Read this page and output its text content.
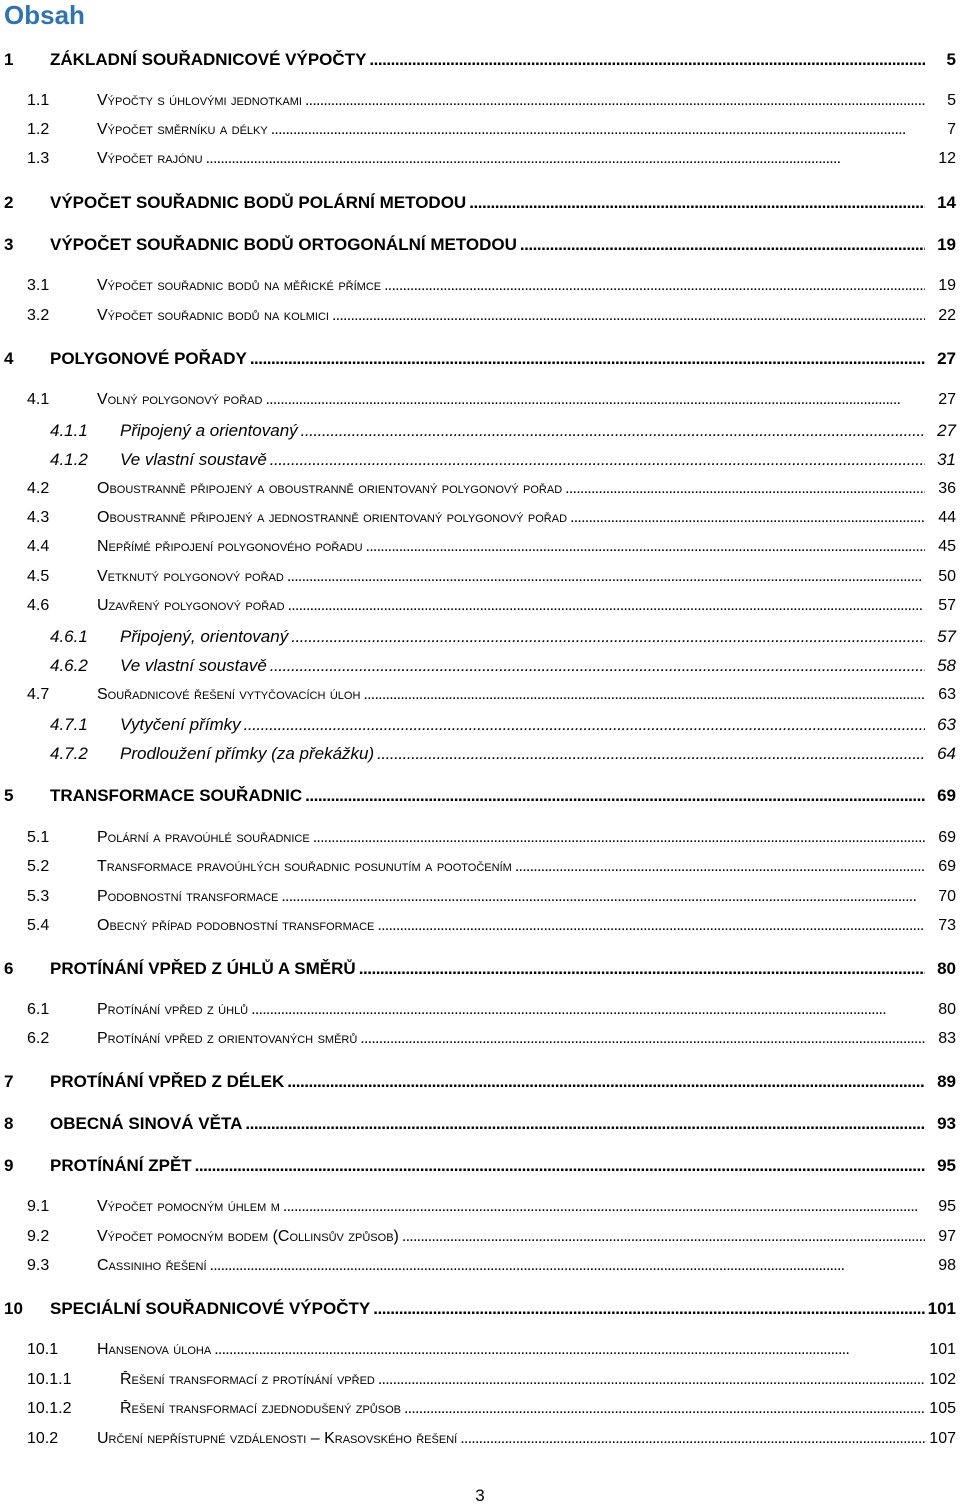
Obsah
1 ZÁKLADNÍ SOUŘADNICOVÉ VÝPOČTY . . .	5
1.1	Výpočty s úhlovými jednotkami . . .	5
1.2	Výpočet směrníku a délky . . .	7
1.3	Výpočet rajónu . . .	12
2 VÝPOČET SOUŘADNIC BODŮ POLÁRNÍ METODOU . . .	14
3 VÝPOČET SOUŘADNIC BODŮ ORTOGONÁLNÍ METODOU . . .	19
3.1	Výpočet souřadnic bodů na měřické přímce . . .	19
3.2	Výpočet souřadnic bodů na kolmici . . .	22
4 POLYGONOVÉ POŘADY . . .	27
4.1	Volný polygonový pořad . . .	27
4.1.1 Připojený a orientovaný . . .	27
4.1.2 Ve vlastní soustavě . . .	31
4.2	Oboustranně připojený a oboustranně orientovaný polygonový pořad . . .	36
4.3	Oboustranně připojený a jednostranně orientovaný polygonový pořad . . .	44
4.4	Nepřímé připojení polygonového pořadu . . .	45
4.5	Vetknutý polygonový pořad . . .	50
4.6	Uzavřený polygonový pořad . . .	57
4.6.1 Připojený, orientovaný . . .	57
4.6.2 Ve vlastní soustavě . . .	58
4.7	Souřadnicové řešení vytyčovacích úloh . . .	63
4.7.1 Vytyčení přímky . . .	63
4.7.2 Prodloužení přímky (za překážku) . . .	64
5 TRANSFORMACE SOUŘADNIC . . .	69
5.1	Polární a pravoúhlé souřadnice . . .	69
5.2	Transformace pravoúhlých souřadnic posunutím a pootočením . . .	69
5.3	Podobnostní transformace . . .	70
5.4	Obecný případ podobnostní transformace . . .	73
6 PROTÍNÁNÍ VPŘED Z ÚHLŮ A SMĚRŮ . . .	80
6.1	Protínání vpřed z úhlů . . .	80
6.2	Protínání vpřed z orientovaných směrů . . .	83
7 PROTÍNÁNÍ VPŘED Z DÉLEK . . .	89
8 OBECNÁ SINOVÁ VĚTA . . .	93
9 PROTÍNÁNÍ ZPĚT . . .	95
9.1	Výpočet pomocným úhlem m . . .	95
9.2	Výpočet pomocným bodem (Collinsův způsob) . . .	97
9.3	Cassiniho řešení . . .	98
10 SPECIÁLNÍ SOUŘADNICOVÉ VÝPOČTY . . .	101
10.1 Hansenova úloha . . .	101
10.1.1	Řešení transformací z protínání vpřed . . .	102
10.1.2	Řešení transformací zjednodušený způsob . . .	105
10.2 Určení nepřístupné vzdálenosti – Krasovského řešení . . .	107
3
